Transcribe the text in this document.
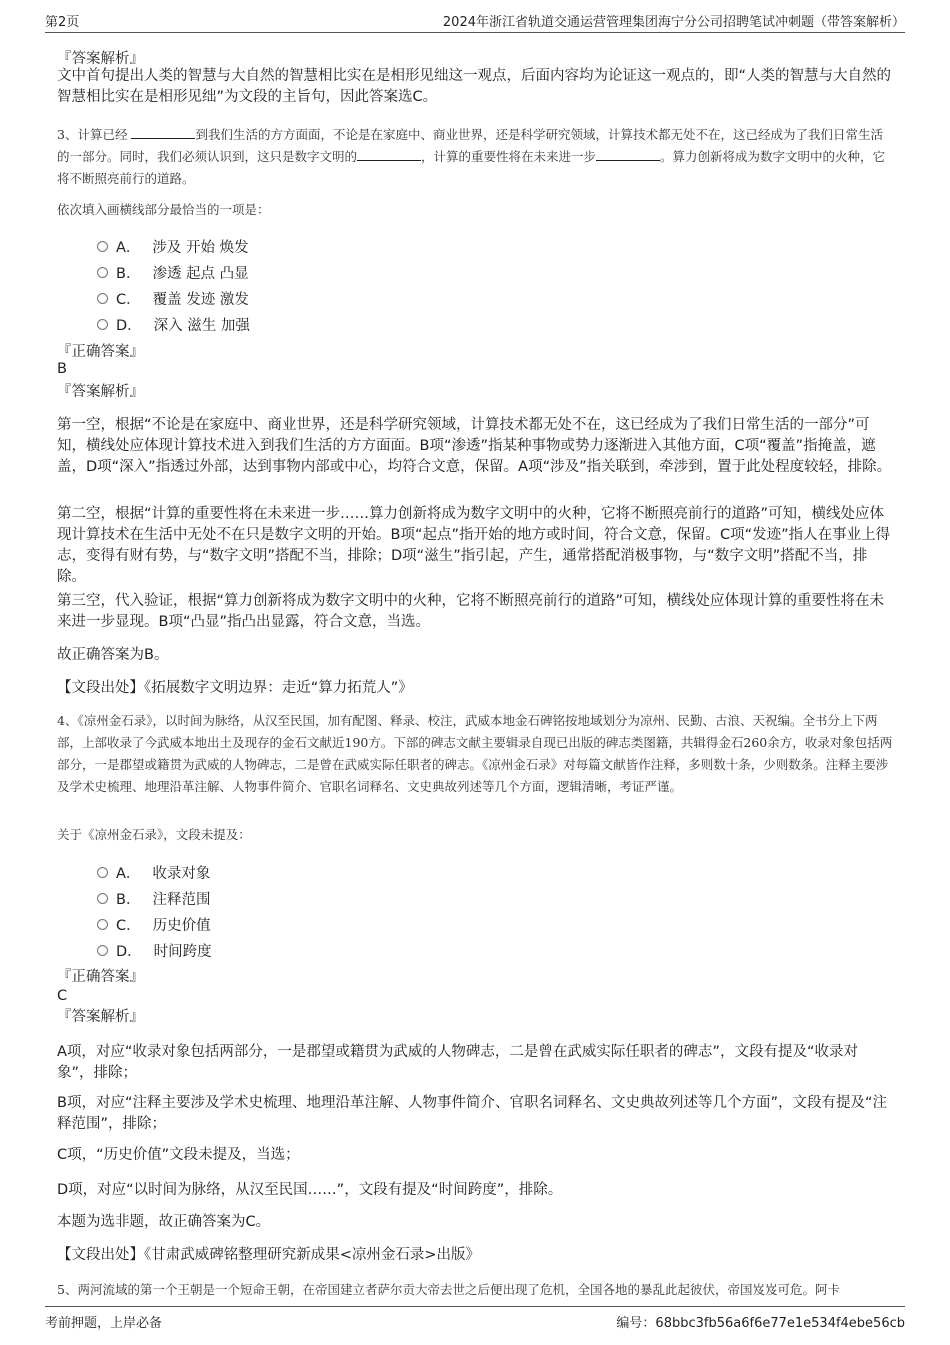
第2页	2024年浙江省轨道交通运营管理集团海宁分公司招聘笔试冲刺题（带答案解析）
『答案解析』
文中首句提出人类的智慧与大自然的智慧相比实在是相形见绌这一观点，后面内容均为论证这一观点的，即“人类的智慧与大自然的智慧相比实在是相形见绌”为文段的主旨句，因此答案选C。
3、计算已经	到我们生活的方方面面，不论是在家庭中、商业世界，还是科学研究领域，计算技术都无处不在，这已经成为了我们日常生活的一部分。同时，我们必须认识到，这只是数字文明的	，计算的重要性将在未来进一步	。算力创新将成为数字文明中的火种，它将不断照亮前行的道路。
依次填入画横线部分最恰当的一项是：
A． 涉及 开始 焕发
B． 渗透 起点 凸显
C． 覆盖 发迹 激发
D． 深入 滋生 加强
『正确答案』
B
『答案解析』
第一空，根据“不论是在家庭中、商业世界，还是科学研究领域，计算技术都无处不在，这已经成为了我们日常生活的一部分”可知，横线处应体现计算技术进入到我们生活的方方面面。B项“渗透”指某种事物或势力逐渐进入其他方面，C项“覆盖”指掩盖，遮盖，D项“深入”指透过外部，达到事物内部或中心，均符合文意，保留。A项“涉及”指关联到，牵涉到，置于此处程度较轻，排除。
第二空，根据“计算的重要性将在未来进一步……算力创新将成为数字文明中的火种，它将不断照亮前行的道路”可知，横线处应体现计算技术在生活中无处不在只是数字文明的开始。B项“起点”指开始的地方或时间，符合文意，保留。C项“发迹”指人在事业上得志，变得有财有势，与“数字文明”搭配不当，排除；D项“滋生”指引起，产生，通常搭配消极事物，与“数字文明”搭配不当，排除。
第三空，代入验证，根据“算力创新将成为数字文明中的火种，它将不断照亮前行的道路”可知，横线处应体现计算的重要性将在未来进一步显现。B项“凸显”指凸出显露，符合文意，当选。
故正确答案为B。
【文段出处】《拓展数字文明边界：走近“算力拓荒人”》
4、《凉州金石录》，以时间为脉络，从汉至民国，加有配图、释录、校注，武威本地金石碑铭按地域划分为凉州、民勤、古浪、天祝编。全书分上下两部，上部收录了今武威本地出土及现存的金石文献近190方。下部的碑志文献主要辑录自现已出版的碑志类图籍，共辑得金石260余方，收录对象包括两部分，一是郡望或籍贯为武威的人物碑志，二是曾在武威实际任职者的碑志。《凉州金石录》对每篇文献皆作注释，多则数十条，少则数条。注释主要涉及学术史梳理、地理沿革注解、人物事件简介、官职名词释名、文史典故列述等几个方面，逻辑清晰，考证严谨。
关于《凉州金石录》，文段未提及：
A． 收录对象
B． 注释范围
C． 历史价值
D． 时间跨度
『正确答案』
C
『答案解析』
A项，对应“收录对象包括两部分，一是郡望或籍贯为武威的人物碑志，二是曾在武威实际任职者的碑志”，文段有提及“收录对象”，排除；
B项，对应“注释主要涉及学术史梳理、地理沿革注解、人物事件简介、官职名词释名、文史典故列述等几个方面”，文段有提及“注释范围”，排除；
C项，“历史价值”文段未提及，当选；
D项，对应“以时间为脉络，从汉至民国……”，文段有提及“时间跨度”，排除。
本题为选非题，故正确答案为C。
【文段出处】《甘肃武威碑铭整理研究新成果<凉州金石录>出版》
5、两河流域的第一个王朝是一个短命王朝，在帝国建立者萨尔贡大帝去世之后便出现了危机，全国各地的暴乱此起彼伏，帝国岌岌可危。阿卡
考前押题，上岸必备	编号：68bbc3fb56a6f6e77e1e534f4ebe56cb
